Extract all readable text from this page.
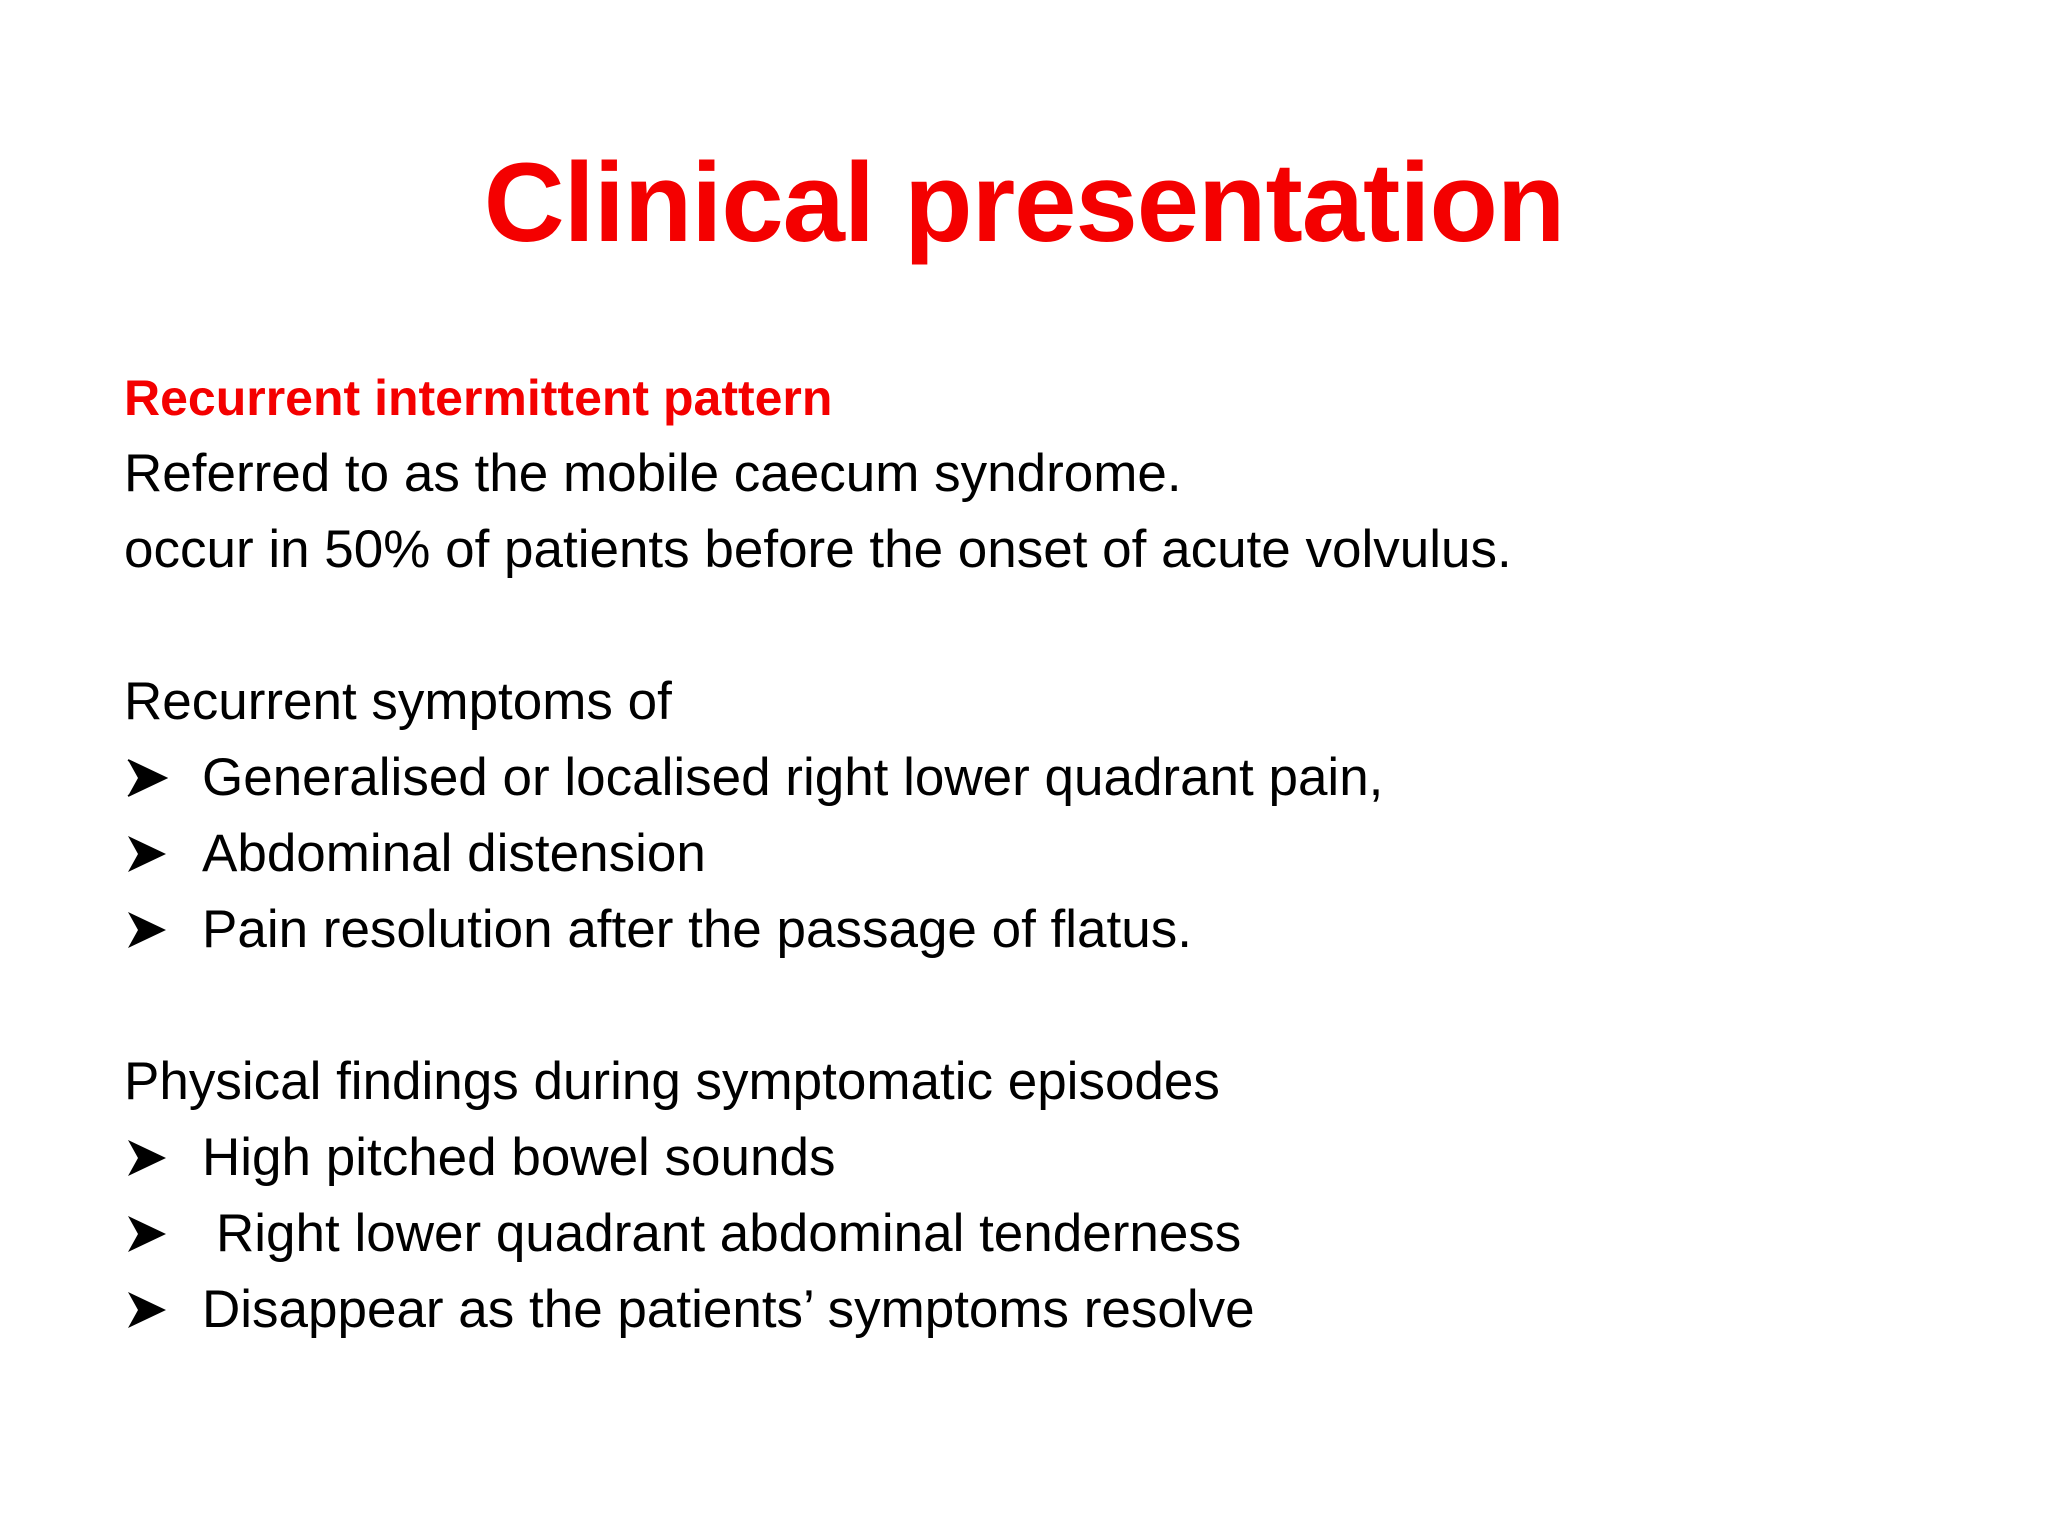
Clinical presentation
Recurrent intermittent pattern
Referred to as the mobile caecum syndrome.
occur in 50% of patients before the onset of acute volvulus.
Recurrent symptoms of
Generalised or localised right lower quadrant pain,
Abdominal distension
Pain resolution after the passage of flatus.
Physical findings during symptomatic episodes
High pitched bowel sounds
Right lower quadrant abdominal tenderness
Disappear as the patients’ symptoms resolve
